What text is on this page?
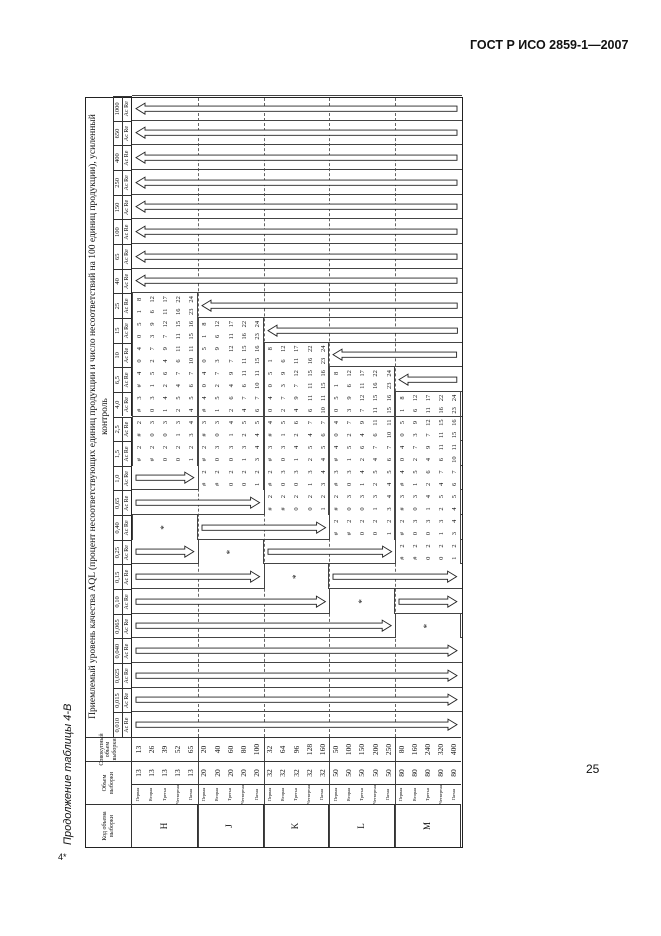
ГОСТ Р ИСО 2859-1—2007
Продолжение таблицы 4-В	25
4*
Код объема выборки
Объем выборки
Совокупный объем выборки
Приемлемый уровень качества AQL (процент несоответствующих единиц продукции и число несоответствий на 100 единиц продукции), усиленный контроль
0,010 Ac Re
0,015 Ac Re
0,025 Ac Re
0,040 Ac Re
0,065 Ac Re
0,10 Ac Re
0,15 Ac Re
0,25 Ac Re
0,40 Ac Re
0,65 Ac Re
1,0 Ac Re
1,5 Ac Re
2,5 Ac Re
4,0 Ac Re
6,5 Ac Re
10 Ac Re
15 Ac Re
25 Ac Re
40 Ac Re
65 Ac Re
100 Ac Re
150 Ac Re
250 Ac Re
400 Ac Re
650 Ac Re
1000 Ac Re
H
Первая
13
13
Вторая
13
26
Третья
13
39
Четвертая
13
52
Пятая
13
65
*
#
2
#
2
0
2
0
2
1
2
#
2
0
3
0
3
1
3
3
4
#
3
0
3
1
4
2
5
4
5
#
4
1
5
2
6
4
7
6
7
0
4
2
7
4
9
6
11
10
11
0
5
3
9
7
12
11
15
15
16
1
8
6
12
11
17
16
22
23
24
J
Первая
20
20
Вторая
20
40
Третья
20
60
Четвертая
20
80
Пятая
20
100
*
#
2
#
2
0
2
0
2
1
2
#
2
0
3
0
3
1
3
3
4
#
3
0
3
1
4
2
5
4
5
#
4
1
5
2
6
4
7
6
7
0
4
2
7
4
9
6
11
10
11
0
5
3
9
7
12
11
15
15
16
1
8
6
12
11
17
16
22
23
24
K
Первая
32
32
Вторая
32
64
Третья
32
96
Четвертая
32
128
Пятая
32
160
*
#
2
#
2
0
2
0
2
1
2
#
2
0
3
0
3
1
3
3
4
#
3
0
3
1
4
2
5
4
5
#
4
1
5
2
6
4
7
6
7
0
4
2
7
4
9
6
11
10
11
0
5
3
9
7
12
11
15
15
16
1
8
6
12
11
17
16
22
23
24
L
Первая
50
50
Вторая
50
100
Третья
50
150
Четвертая
50
200
Пятая
50
250
*
#
2
#
2
0
2
0
2
1
2
#
2
0
3
0
3
1
3
3
4
#
3
0
3
1
4
2
5
4
5
#
4
1
5
2
6
4
7
6
7
0
4
2
7
4
9
6
11
10
11
0
5
3
9
7
12
11
15
15
16
1
8
6
12
11
17
16
22
23
24
M
Первая
80
80
Вторая
80
160
Третья
80
240
Четвертая
80
320
Пятая
80
400
*
#
2
#
2
0
2
0
2
1
2
#
2
0
3
0
3
1
3
3
4
#
3
0
3
1
4
2
5
4
5
#
4
1
5
2
6
4
7
6
7
0
4
2
7
4
9
6
11
10
11
0
5
3
9
7
12
11
15
15
16
1
8
6
12
11
17
16
22
23
24
